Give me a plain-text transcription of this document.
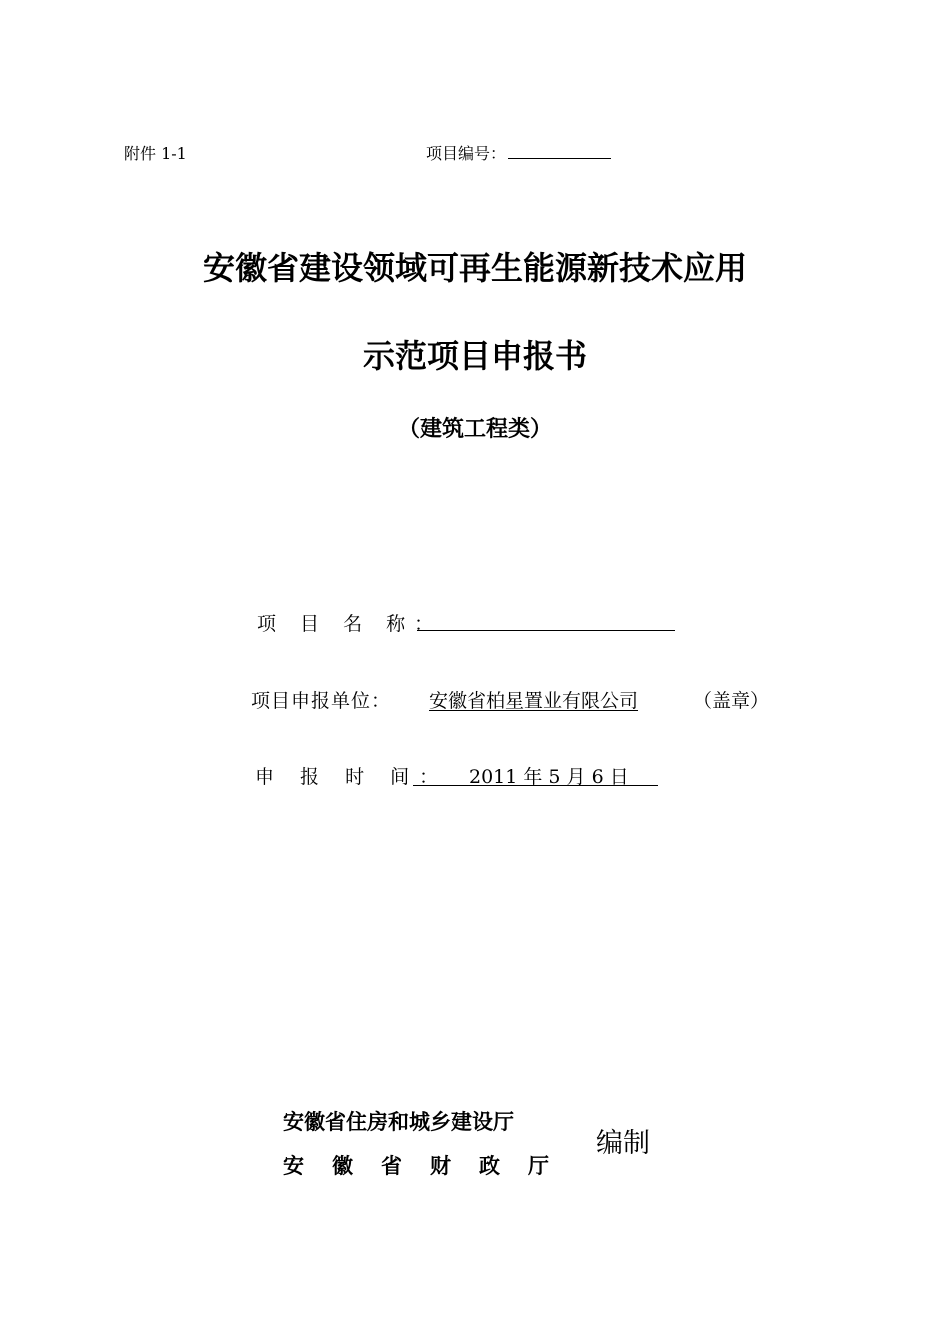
附件 1-1	项目编号：
安徽省建设领域可再生能源新技术应用
示范项目申报书
（建筑工程类）
项 目 名 称：
项目申报单位：	安徽省柏星置业有限公司	（盖章）
申 报 时 间： 2011 年 5 月 6 日
安徽省住房和城乡建设厅
安徽省财政厅
编制
